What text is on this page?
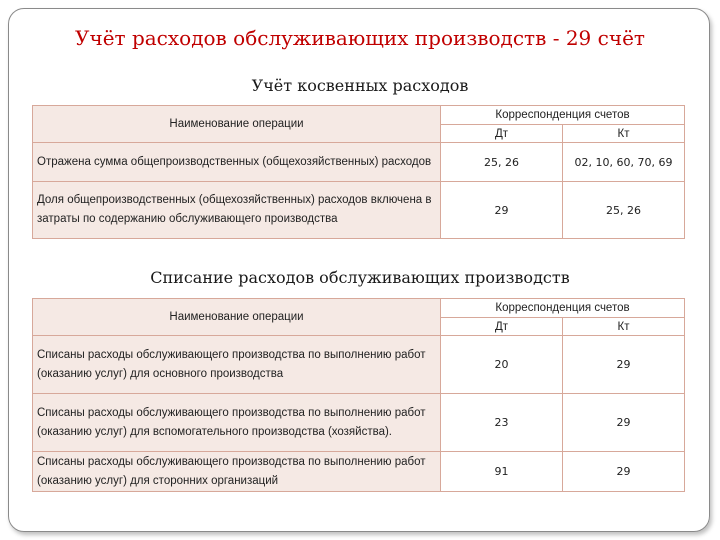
Учёт расходов обслуживающих производств - 29 счёт
Учёт косвенных расходов
Наименование операции	Корреспонденция счетов	
	Дт	Кт
Отражена сумма общепроизводственных (общехозяйственных) расходов	25, 26	02, 10, 60, 70, 69
Доля общепроизводственных (общехозяйственных) расходов включена в затраты по содержанию обслуживающего производства	29	25, 26
Списание расходов обслуживающих производств
Наименование операции	Корреспонденция счетов	
	Дт	Кт
Списаны расходы обслуживающего производства по выполнению работ (оказанию услуг) для основного производства	20	29
Списаны расходы обслуживающего производства по выполнению работ (оказанию услуг) для вспомогательного производства (хозяйства).	23	29
Списаны расходы обслуживающего производства по выполнению работ (оказанию услуг) для сторонних организаций	91	29
